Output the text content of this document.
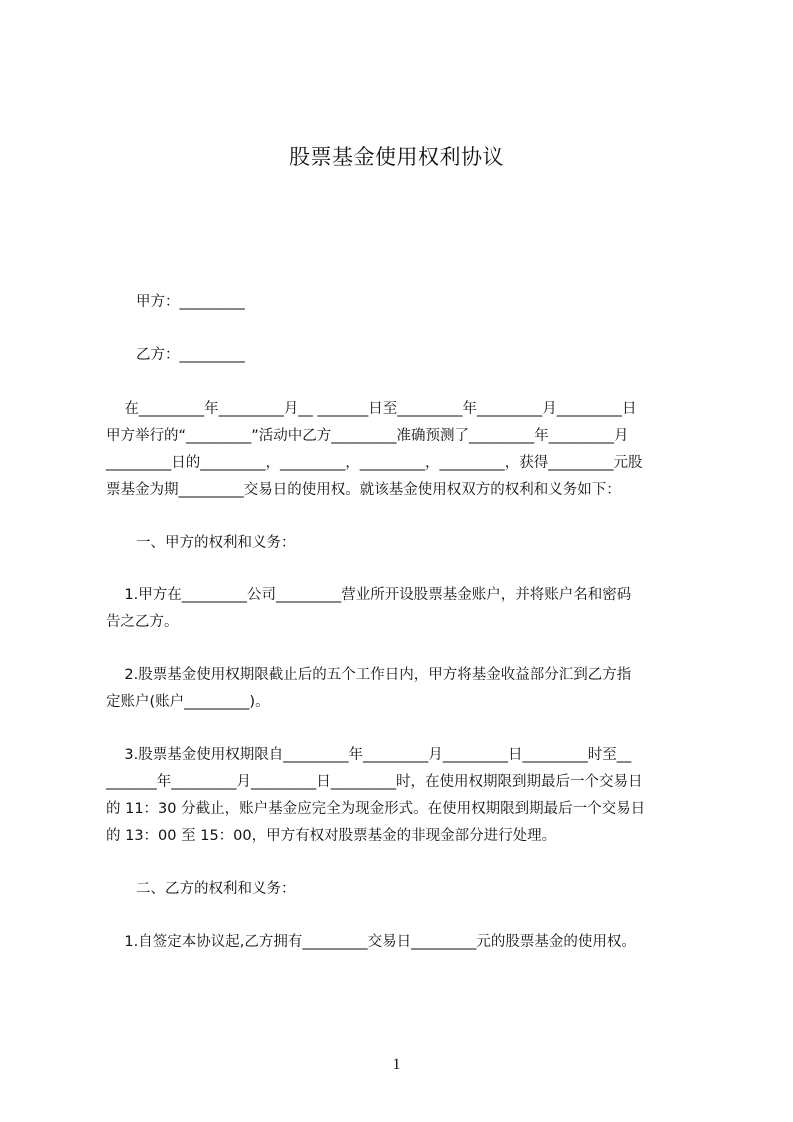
股票基金使用权利协议
甲方：_________
乙方：_________
在_________年_________月__ _______日至_________年_________月_________日
甲方举行的“_________”活动中乙方_________准确预测了_________年_________月
_________日的_________，_________，_________，_________，获得_________元股
票基金为期_________交易日的使用权。就该基金使用权双方的权利和义务如下：
一、甲方的权利和义务：
1.甲方在_________公司_________营业所开设股票基金账户，并将账户名和密码
告之乙方。
2.股票基金使用权期限截止后的五个工作日内，甲方将基金收益部分汇到乙方指
定账户(账户_________)。
3.股票基金使用权期限自_________年_________月_________日_________时至__
_______年_________月_________日_________时，在使用权期限到期最后一个交易日
的 11：30 分截止，账户基金应完全为现金形式。在使用权期限到期最后一个交易日
的 13：00 至 15：00，甲方有权对股票基金的非现金部分进行处理。
二、乙方的权利和义务：
1.自签定本协议起,乙方拥有_________交易日_________元的股票基金的使用权。
1
